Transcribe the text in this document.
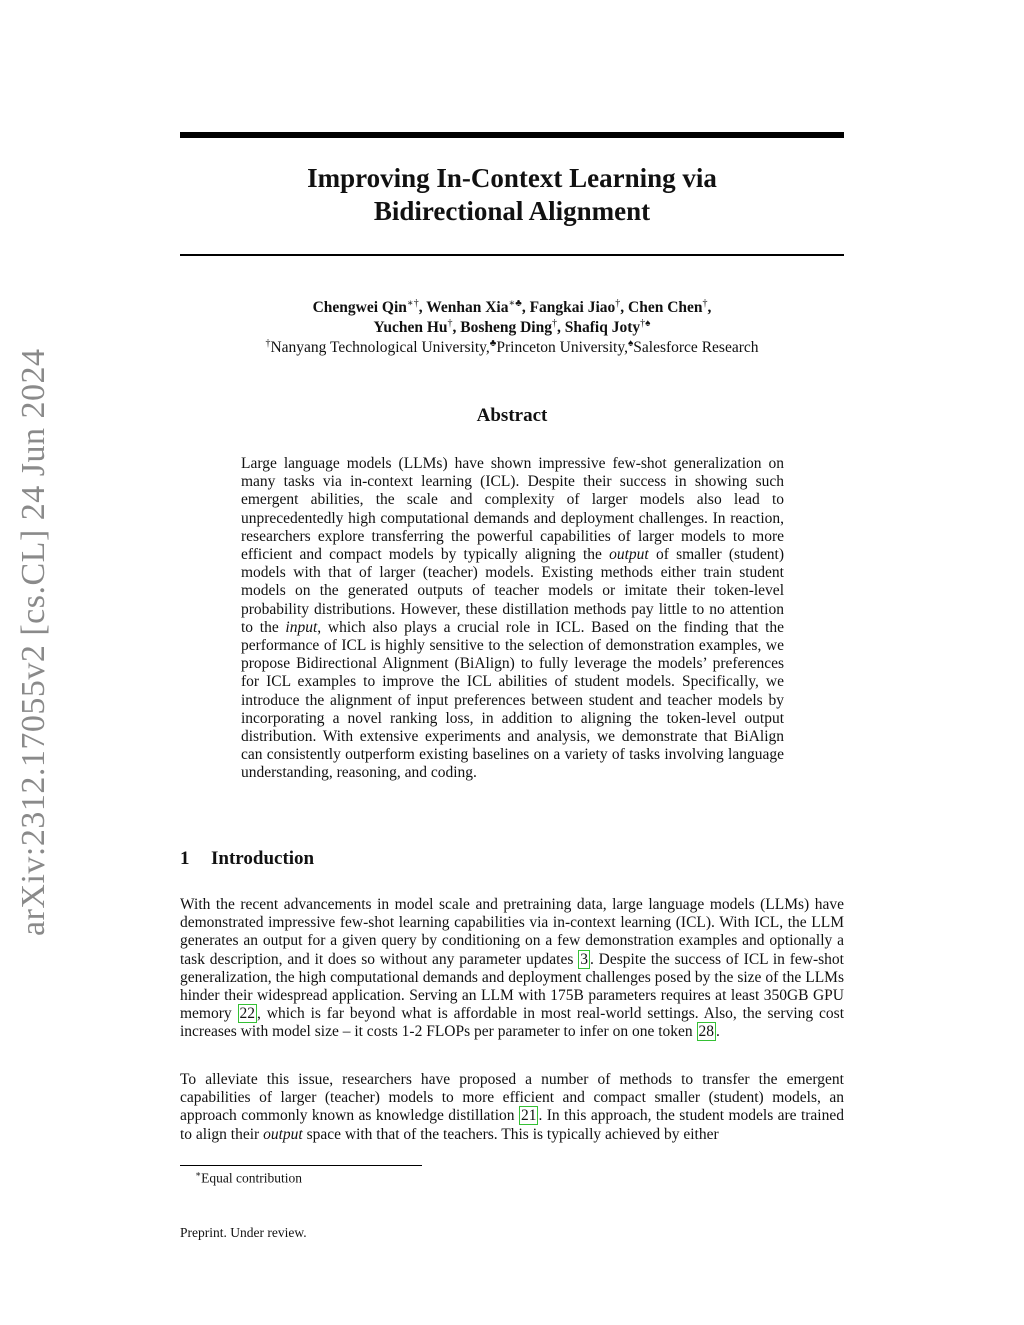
arXiv:2312.17055v2 [cs.CL] 24 Jun 2024
Improving In-Context Learning via
Bidirectional Alignment
Chengwei Qin∗†, Wenhan Xia∗♣, Fangkai Jiao†, Chen Chen†,
Yuchen Hu†, Bosheng Ding†, Shafiq Joty†♠
†Nanyang Technological University,♣Princeton University,♠Salesforce Research
Abstract
Large language models (LLMs) have shown impressive few-shot generalization on many tasks via in-context learning (ICL). Despite their success in showing such emergent abilities, the scale and complexity of larger models also lead to unprecedentedly high computational demands and deployment challenges. In reaction, researchers explore transferring the powerful capabilities of larger models to more efficient and compact models by typically aligning the output of smaller (student) models with that of larger (teacher) models. Existing methods either train student models on the generated outputs of teacher models or imitate their token-level probability distributions. However, these distillation methods pay little to no attention to the input, which also plays a crucial role in ICL. Based on the finding that the performance of ICL is highly sensitive to the selection of demonstration examples, we propose Bidirectional Alignment (BiAlign) to fully leverage the models’ preferences for ICL examples to improve the ICL abilities of student models. Specifically, we introduce the alignment of input preferences between student and teacher models by incorporating a novel ranking loss, in addition to aligning the token-level output distribution. With extensive experiments and analysis, we demonstrate that BiAlign can consistently outperform existing baselines on a variety of tasks involving language understanding, reasoning, and coding.
1 Introduction
With the recent advancements in model scale and pretraining data, large language models (LLMs) have demonstrated impressive few-shot learning capabilities via in-context learning (ICL). With ICL, the LLM generates an output for a given query by conditioning on a few demonstration examples and optionally a task description, and it does so without any parameter updates 3 . Despite the success of ICL in few-shot generalization, the high computational demands and deployment challenges posed by the size of the LLMs hinder their widespread application. Serving an LLM with 175B parameters requires at least 350GB GPU memory 22 , which is far beyond what is affordable in most real-world settings. Also, the serving cost increases with model size – it costs 1-2 FLOPs per parameter to infer on one token 28 .
To alleviate this issue, researchers have proposed a number of methods to transfer the emergent capabilities of larger (teacher) models to more efficient and compact smaller (student) models, an approach commonly known as knowledge distillation 21 . In this approach, the student models are trained to align their output space with that of the teachers. This is typically achieved by either
∗Equal contribution
Preprint. Under review.
